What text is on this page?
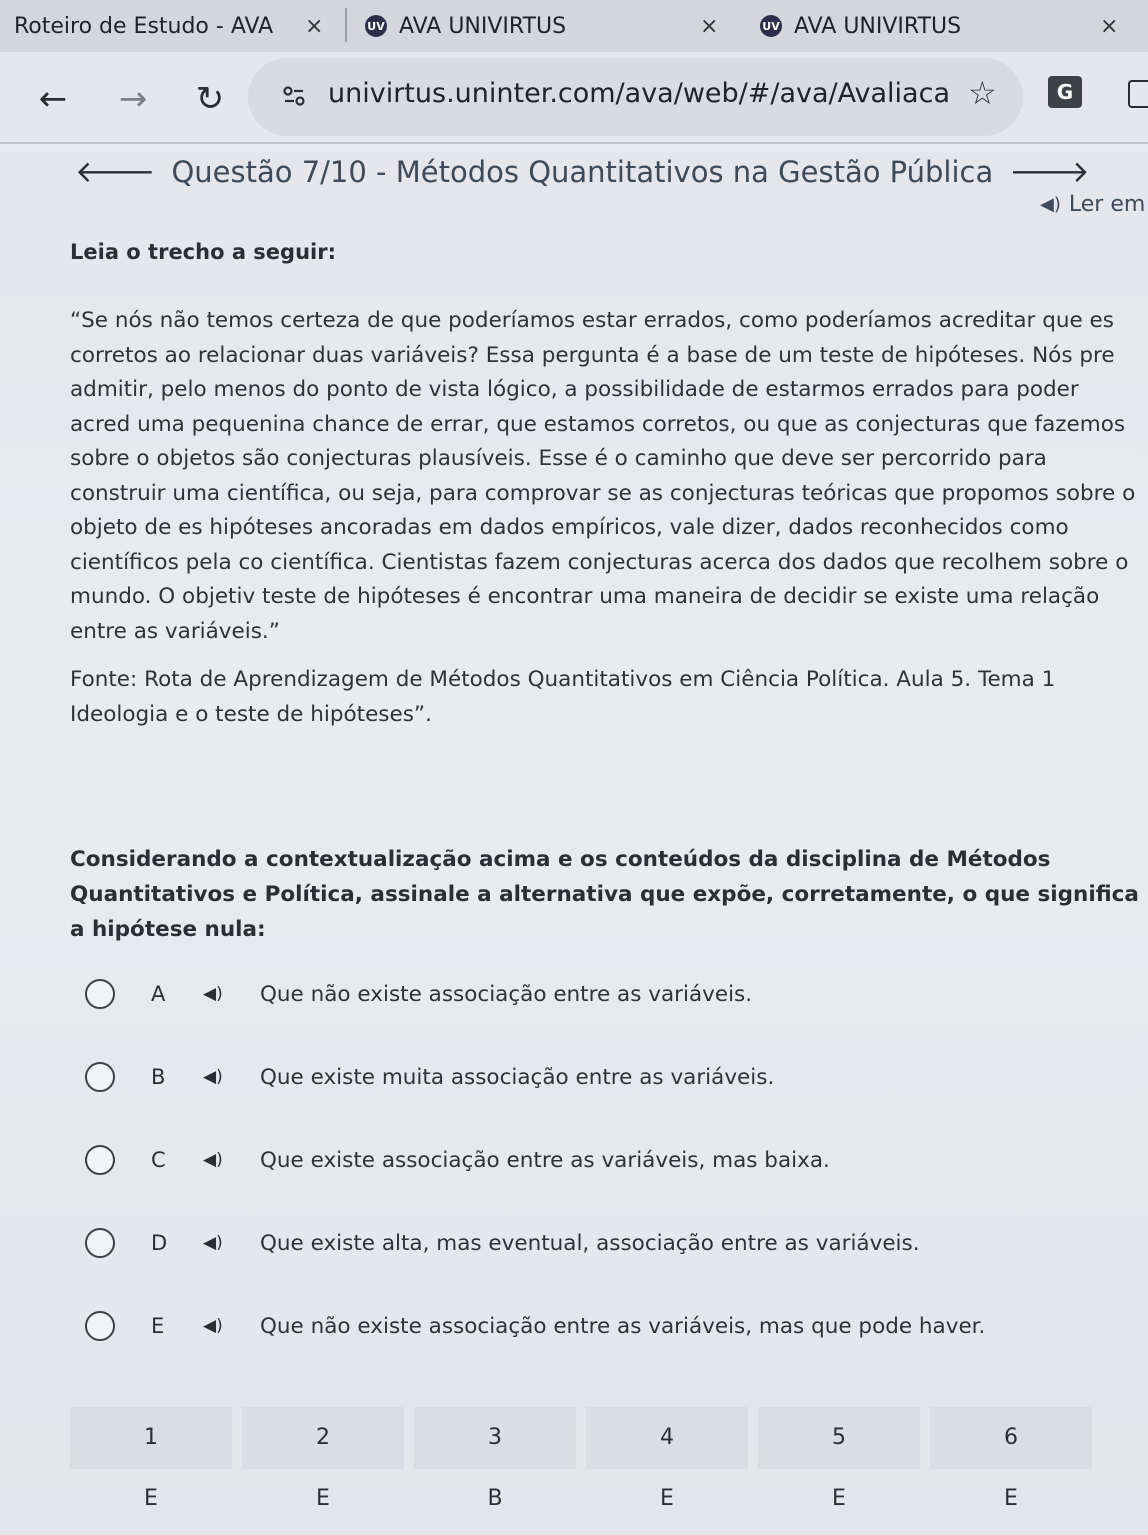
Roteiro de Estudo - AVA ×	UV AVA UNIVIRTUS	×	UV AVA UNIVIRTUS	×
← → ↻	univirtus.uninter.com/ava/web/#/ava/Avaliaca ☆	G
🡐 Questão 7/10 - Métodos Quantitativos na Gestão Pública 🡒
◀) Ler em
Leia o trecho a seguir:
“Se nós não temos certeza de que poderíamos estar errados, como poderíamos acreditar que es corretos ao relacionar duas variáveis? Essa pergunta é a base de um teste de hipóteses. Nós pre admitir, pelo menos do ponto de vista lógico, a possibilidade de estarmos errados para poder acred uma pequenina chance de errar, que estamos corretos, ou que as conjecturas que fazemos sobre o objetos são conjecturas plausíveis. Esse é o caminho que deve ser percorrido para construir uma científica, ou seja, para comprovar se as conjecturas teóricas que propomos sobre o objeto de es hipóteses ancoradas em dados empíricos, vale dizer, dados reconhecidos como científicos pela co científica. Cientistas fazem conjecturas acerca dos dados que recolhem sobre o mundo. O objetiv teste de hipóteses é encontrar uma maneira de decidir se existe uma relação entre as variáveis.”
Fonte: Rota de Aprendizagem de Métodos Quantitativos em Ciência Política. Aula 5. Tema 1 Ideologia e o teste de hipóteses”.
Considerando a contextualização acima e os conteúdos da disciplina de Métodos Quantitativos e Política, assinale a alternativa que expõe, corretamente, o que significa a hipótese nula:
A ◀) Que não existe associação entre as variáveis.
B ◀) Que existe muita associação entre as variáveis.
C ◀) Que existe associação entre as variáveis, mas baixa.
D ◀) Que existe alta, mas eventual, associação entre as variáveis.
E ◀) Que não existe associação entre as variáveis, mas que pode haver.
1	2	3	4	5	6
E	E	B	E	E	E
